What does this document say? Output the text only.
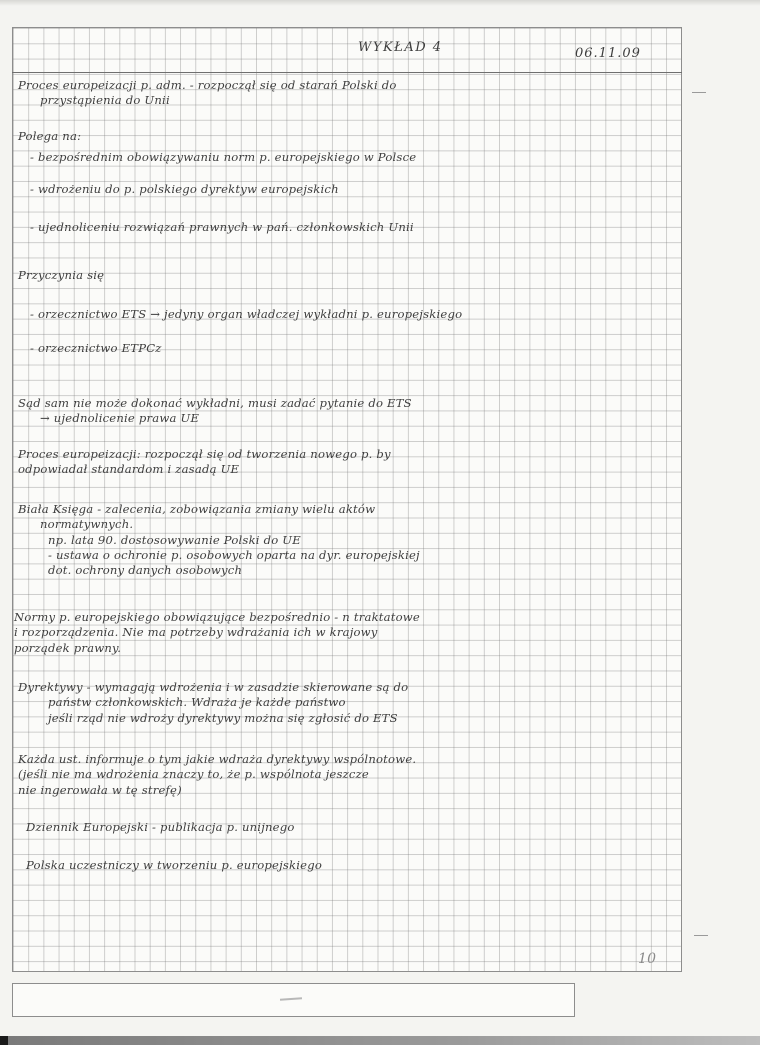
WYKŁAD 4	06.11.09

Proces europeizacji p. adm. - rozpoczął się od starań Polski do
przystąpienia do Unii

Polega na:

- bezpośrednim obowiązywaniu norm p. europejskiego w Polsce

- wdrożeniu do p. polskiego dyrektyw europejskich

- ujednoliceniu rozwiązań prawnych w pań. członkowskich Unii

Przyczynia się

- orzecznictwo ETS → jedyny organ władczej wykładni p. europejskiego

- orzecznictwo ETPCz

Sąd sam nie może dokonać wykładni, musi zadać pytanie do ETS
→ ujednolicenie prawa UE

Proces europeizacji: rozpoczął się od tworzenia nowego p. by
odpowiadał standardom i zasadą UE

Biała Księga - zalecenia, zobowiązania zmiany wielu aktów
normatywnych.
np. lata 90. dostosowywanie Polski do UE
- ustawa o ochronie p. osobowych oparta na dyr. europejskiej
dot. ochrony danych osobowych

Normy p. europejskiego obowiązujące bezpośrednio - n traktatowe
i rozporządzenia. Nie ma potrzeby wdrażania ich w krajowy
porządek prawny.

Dyrektywy - wymagają wdrożenia i w zasadzie skierowane są do
państw członkowskich. Wdraża je każde państwo
jeśli rząd nie wdroży dyrektywy można się zgłosić do ETS

Każda ust. informuje o tym jakie wdraża dyrektywy wspólnotowe.
(jeśli nie ma wdrożenia znaczy to, że p. wspólnota jeszcze
nie ingerowała w tę strefę)

Dziennik Europejski - publikacja p. unijnego

Polska uczestniczy w tworzeniu p. europejskiego

10
